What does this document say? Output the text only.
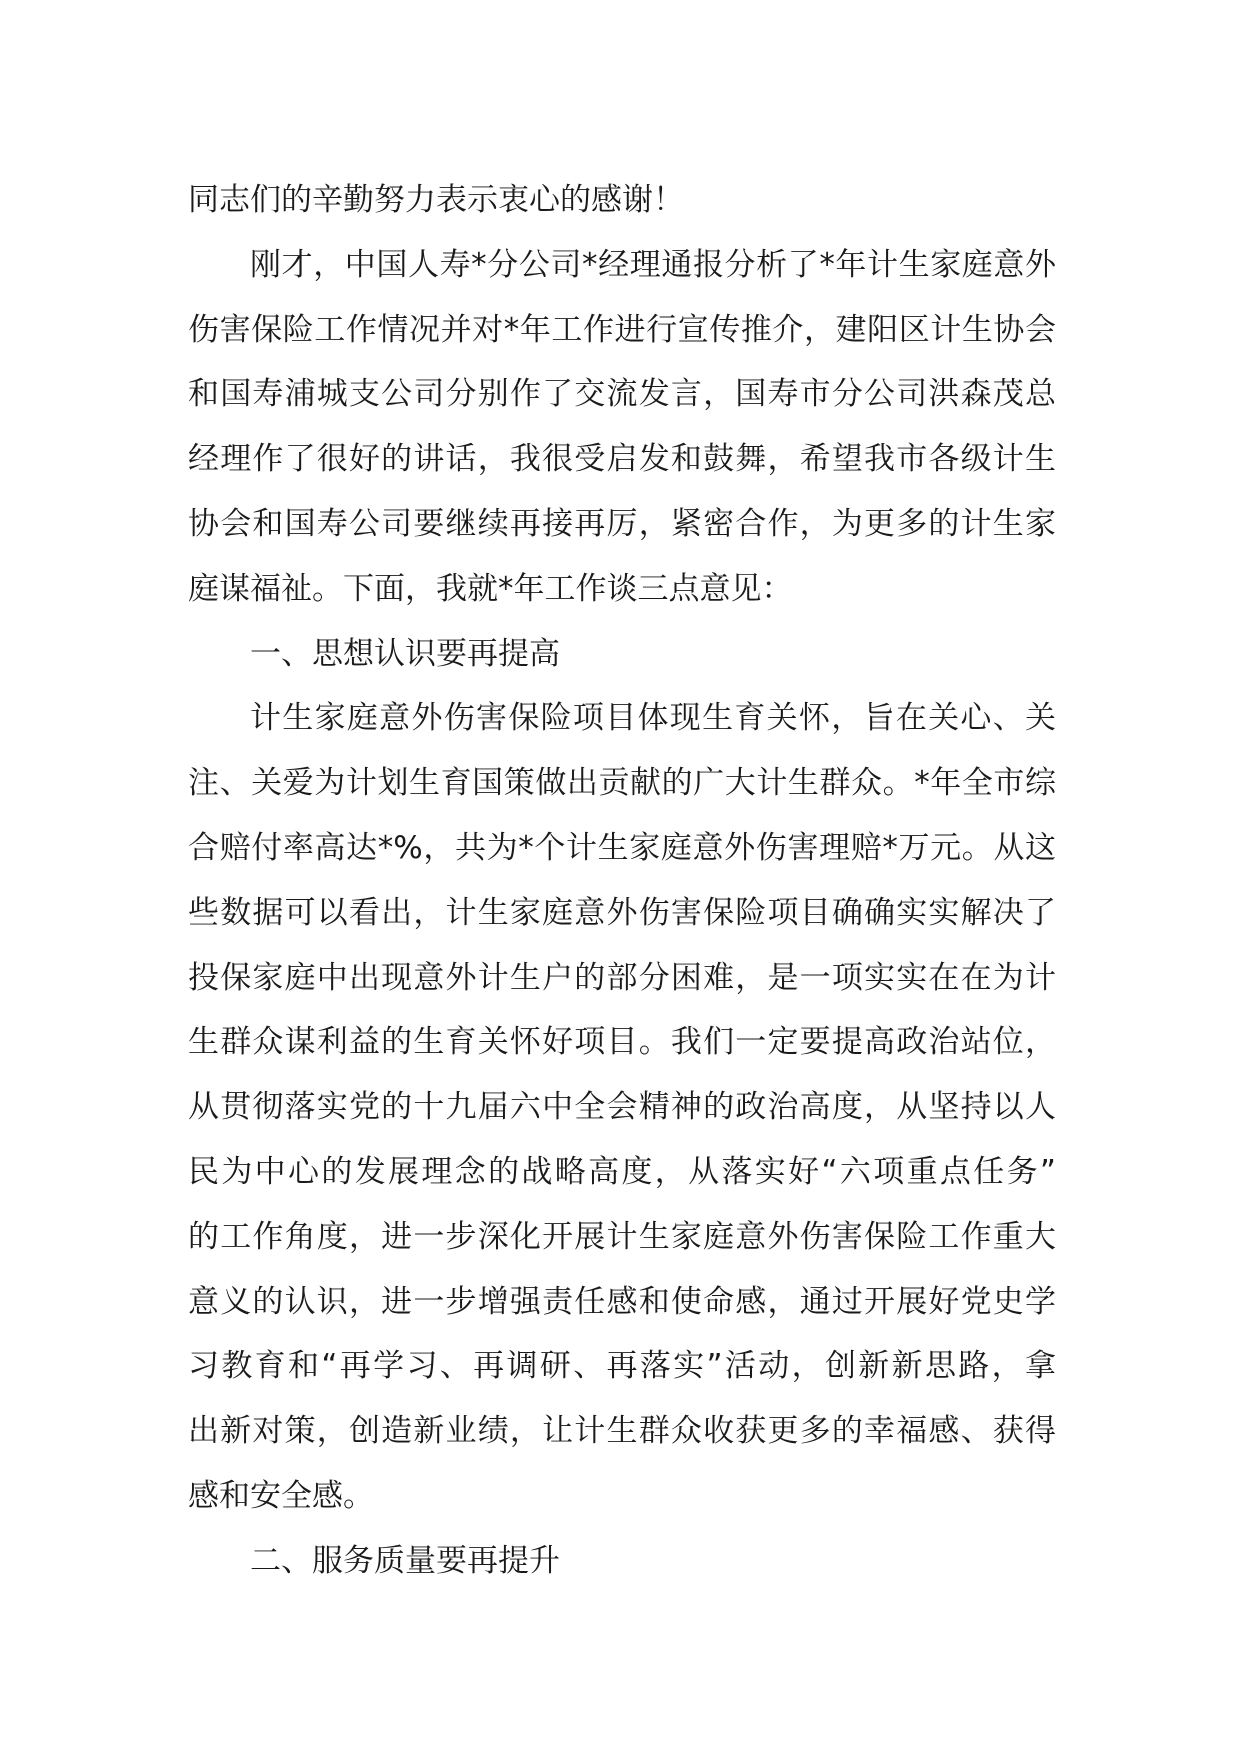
同志们的辛勤努力表示衷心的感谢！
刚才，中国人寿*分公司*经理通报分析了*年计生家庭意外
伤害保险工作情况并对*年工作进行宣传推介，建阳区计生协会
和国寿浦城支公司分别作了交流发言，国寿市分公司洪森茂总
经理作了很好的讲话，我很受启发和鼓舞，希望我市各级计生
协会和国寿公司要继续再接再厉，紧密合作，为更多的计生家
庭谋福祉。下面，我就*年工作谈三点意见：
一、思想认识要再提高
计生家庭意外伤害保险项目体现生育关怀，旨在关心、关
注、关爱为计划生育国策做出贡献的广大计生群众。*年全市综
合赔付率高达*%，共为*个计生家庭意外伤害理赔*万元。从这
些数据可以看出，计生家庭意外伤害保险项目确确实实解决了
投保家庭中出现意外计生户的部分困难，是一项实实在在为计
生群众谋利益的生育关怀好项目。我们一定要提高政治站位，
从贯彻落实党的十九届六中全会精神的政治高度，从坚持以人
民为中心的发展理念的战略高度，从落实好“六项重点任务”
的工作角度，进一步深化开展计生家庭意外伤害保险工作重大
意义的认识，进一步增强责任感和使命感，通过开展好党史学
习教育和“再学习、再调研、再落实”活动，创新新思路，拿
出新对策，创造新业绩，让计生群众收获更多的幸福感、获得
感和安全感。
二、服务质量要再提升
